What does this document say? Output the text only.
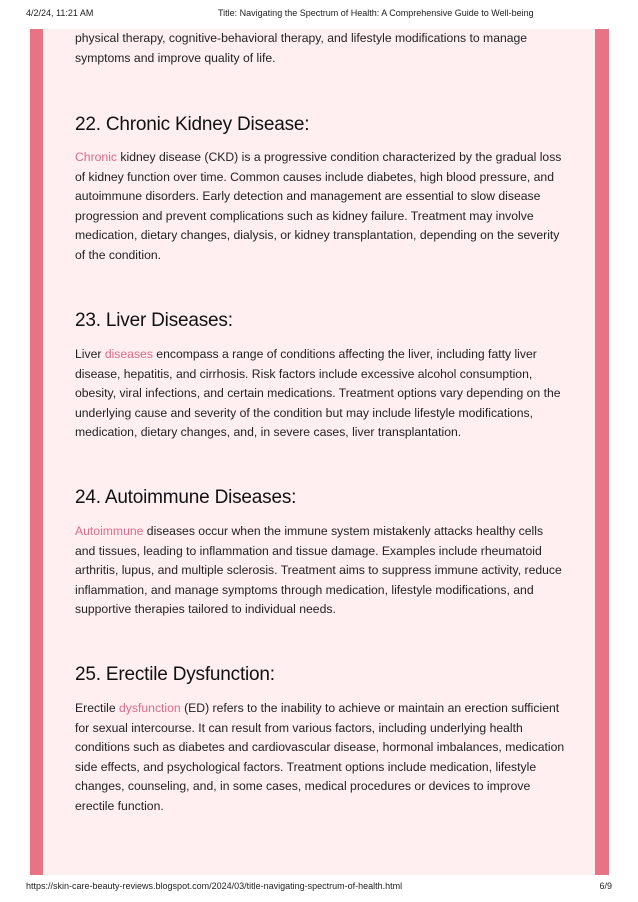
4/2/24, 11:21 AM	Title: Navigating the Spectrum of Health: A Comprehensive Guide to Well-being

physical therapy, cognitive-behavioral therapy, and lifestyle modifications to manage symptoms and improve quality of life.

22. Chronic Kidney Disease:

Chronic kidney disease (CKD) is a progressive condition characterized by the gradual loss of kidney function over time. Common causes include diabetes, high blood pressure, and autoimmune disorders. Early detection and management are essential to slow disease progression and prevent complications such as kidney failure. Treatment may involve medication, dietary changes, dialysis, or kidney transplantation, depending on the severity of the condition.

23. Liver Diseases:

Liver diseases encompass a range of conditions affecting the liver, including fatty liver disease, hepatitis, and cirrhosis. Risk factors include excessive alcohol consumption, obesity, viral infections, and certain medications. Treatment options vary depending on the underlying cause and severity of the condition but may include lifestyle modifications, medication, dietary changes, and, in severe cases, liver transplantation.

24. Autoimmune Diseases:

Autoimmune diseases occur when the immune system mistakenly attacks healthy cells and tissues, leading to inflammation and tissue damage. Examples include rheumatoid arthritis, lupus, and multiple sclerosis. Treatment aims to suppress immune activity, reduce inflammation, and manage symptoms through medication, lifestyle modifications, and supportive therapies tailored to individual needs.

25. Erectile Dysfunction:

Erectile dysfunction (ED) refers to the inability to achieve or maintain an erection sufficient for sexual intercourse. It can result from various factors, including underlying health conditions such as diabetes and cardiovascular disease, hormonal imbalances, medication side effects, and psychological factors. Treatment options include medication, lifestyle changes, counseling, and, in some cases, medical procedures or devices to improve erectile function.

https://skin-care-beauty-reviews.blogspot.com/2024/03/title-navigating-spectrum-of-health.html	6/9
